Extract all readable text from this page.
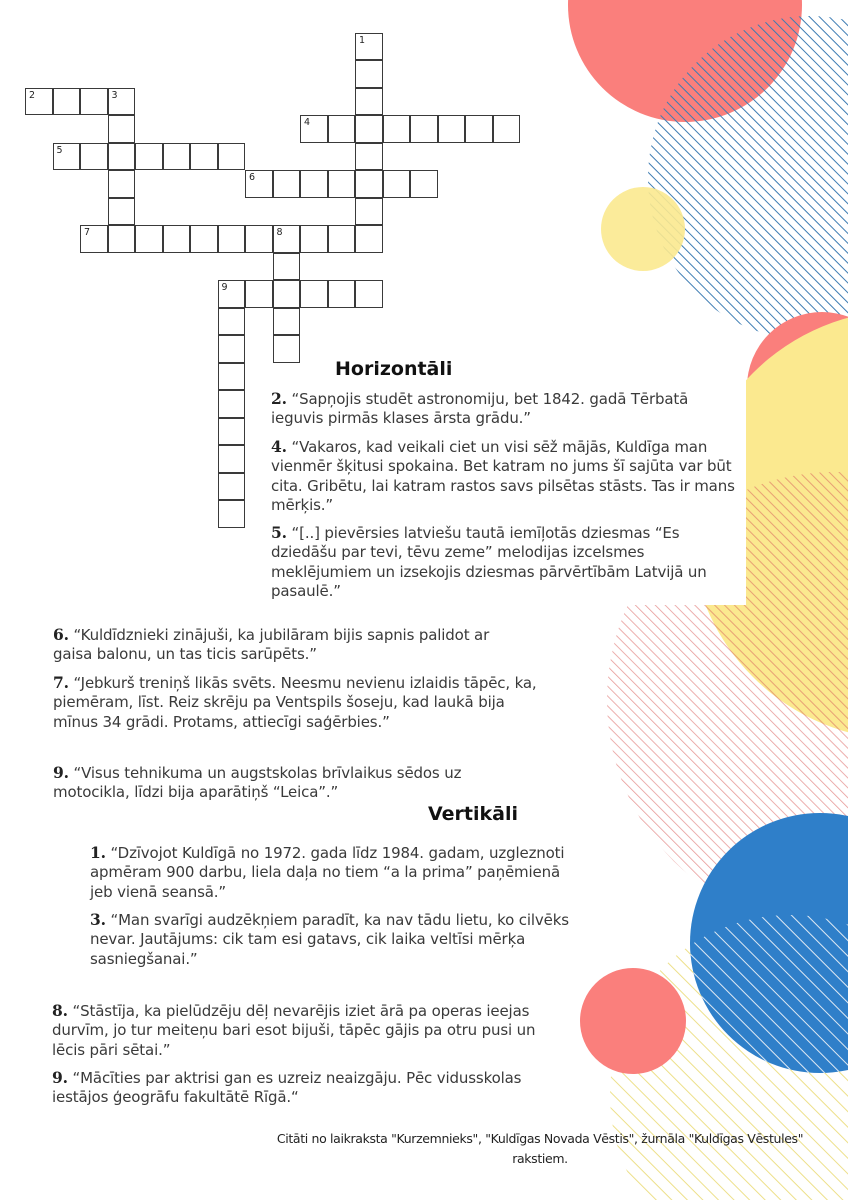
1
2	3
4
5
6
7	8
9
Horizontāli
Vertikāli
2. “Sapņojis studēt astronomiju, bet 1842. gadā Tērbatā ieguvis pirmās klases ārsta grādu.”
4. “Vakaros, kad veikali ciet un visi sēž mājās, Kuldīga man vienmēr šķitusi spokaina. Bet katram no jums šī sajūta var būt cita. Gribētu, lai katram rastos savs pilsētas stāsts. Tas ir mans mērķis.”
5. “[..] pievērsies latviešu tautā iemīļotās dziesmas “Es dziedāšu par tevi, tēvu zeme” melodijas izcelsmes meklējumiem un izsekojis dziesmas pārvērtībām Latvijā un pasaulē.”
6. “Kuldīdznieki zinājuši, ka jubilāram bijis sapnis palidot ar gaisa balonu, un tas ticis sarūpēts.”
7. “Jebkurš treniņš likās svēts. Neesmu nevienu izlaidis tāpēc, ka, piemēram, līst. Reiz skrēju pa Ventspils šoseju, kad laukā bija mīnus 34 grādi. Protams, attiecīgi saģērbies.”
9. “Visus tehnikuma un augstskolas brīvlaikus sēdos uz motocikla, līdzi bija aparātiņš “Leica”.”
1. “Dzīvojot Kuldīgā no 1972. gada līdz 1984. gadam, uzgleznoti apmēram 900 darbu, liela daļa no tiem “a la prima” paņēmienā jeb vienā seansā.”
3. “Man svarīgi audzēkņiem paradīt, ka nav tādu lietu, ko cilvēks nevar. Jautājums: cik tam esi gatavs, cik laika veltīsi mērķa sasniegšanai.”
8. “Stāstīja, ka pielūdzēju dēļ nevarējis iziet ārā pa operas ieejas durvīm, jo tur meiteņu bari esot bijuši, tāpēc gājis pa otru pusi un lēcis pāri sētai.”
9. “Mācīties par aktrisi gan es uzreiz neaizgāju. Pēc vidusskolas iestājos ģeogrāfu fakultātē Rīgā.“
Citāti no laikraksta "Kurzemnieks", "Kuldīgas Novada Vēstis", žurnāla "Kuldīgas Vēstules"
rakstiem.
